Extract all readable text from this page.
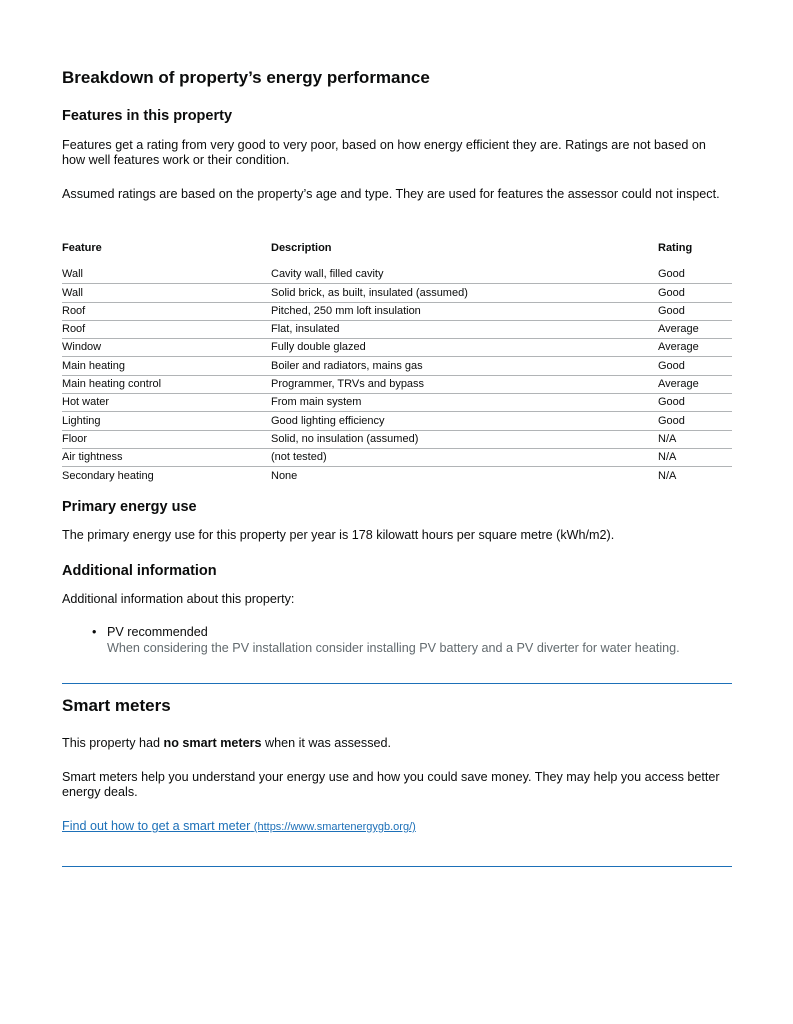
Breakdown of property’s energy performance
Features in this property

Features get a rating from very good to very poor, based on how energy efficient they are. Ratings are not based on how well features work or their condition.

Assumed ratings are based on the property’s age and type. They are used for features the assessor could not inspect.

Feature	Description	Rating

Wall	Cavity wall, filled cavity	Good
Wall	Solid brick, as built, insulated (assumed)	Good
Roof	Pitched, 250 mm loft insulation	Good
Roof	Flat, insulated	Average
Window	Fully double glazed	Average
Main heating	Boiler and radiators, mains gas	Good
Main heating control	Programmer, TRVs and bypass	Average
Hot water	From main system	Good
Lighting	Good lighting efficiency	Good
Floor	Solid, no insulation (assumed)	N/A
Air tightness	(not tested)	N/A
Secondary heating	None	N/A
Primary energy use

The primary energy use for this property per year is 178 kilowatt hours per square metre (kWh/m2).

Additional information

Additional information about this property:

• PV recommended
When considering the PV installation consider installing PV battery and a PV diverter for water heating.
Smart meters

This property had no smart meters when it was assessed.

Smart meters help you understand your energy use and how you could save money. They may help you access better energy deals.

Find out how to get a smart meter (https://www.smartenergygb.org/)
